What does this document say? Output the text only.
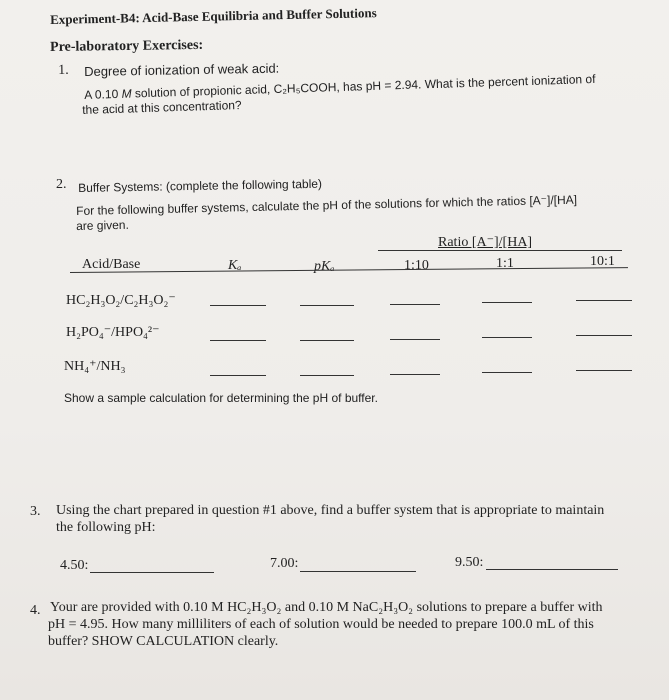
Experiment-B4: Acid-Base Equilibria and Buffer Solutions
Pre-laboratory Exercises:
1. Degree of ionization of weak acid:
A 0.10 M solution of propionic acid, C₂H₅COOH, has pH = 2.94. What is the percent ionization of
the acid at this concentration?
2. Buffer Systems: (complete the following table)
For the following buffer systems, calculate the pH of the solutions for which the ratios [A⁻]/[HA]
are given.
Ratio [A⁻]/[HA]
Acid/Base	Kₐ	pKₐ	1:10	1:1	10:1
HC₂H₃O₂/C₂H₃O₂⁻
H₂PO₄⁻/HPO₄²⁻
NH₄⁺/NH₃
Show a sample calculation for determining the pH of buffer.
3. Using the chart prepared in question #1 above, find a buffer system that is appropriate to maintain
the following pH:
4.50:	7.00:	9.50:
4. Your are provided with 0.10 M HC₂H₃O₂ and 0.10 M NaC₂H₃O₂ solutions to prepare a buffer with
pH = 4.95. How many milliliters of each of solution would be needed to prepare 100.0 mL of this
buffer? SHOW CALCULATION clearly.
